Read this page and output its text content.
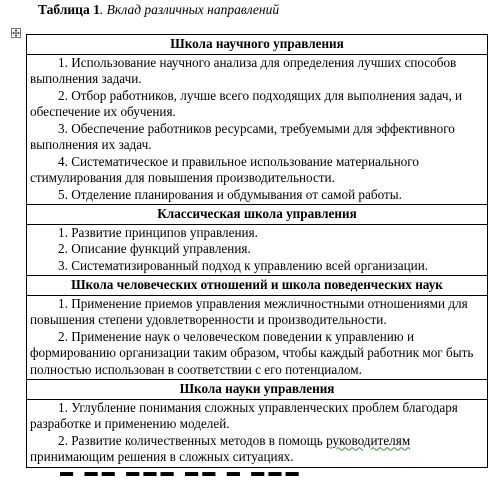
Таблица 1. Вклад различных направлений
Школа научного управления

1. Использование научного анализа для определения лучших способов выполнения задачи.

2. Отбор работников, лучше всего подходящих для выполнения задач, и обеспечение их обучения.

3. Обеспечение работников ресурсами, требуемыми для эффективного выполнения их задач.

4. Систематическое и правильное использование материального стимулирования для повышения производительности.

5. Отделение планирования и обдумывания от самой работы.

Классическая школа управления

1. Развитие принципов управления.

2. Описание функций управления.

3. Систематизированный подход к управлению всей организации.

Школа человеческих отношений и школа поведенческих наук

1. Применение приемов управления межличностными отношениями для повышения степени удовлетворенности и производительности.

2. Применение наук о человеческом поведении к управлению и формированию организации таким образом, чтобы каждый работник мог быть полностью использован в соответствии с его потенциалом.

Школа науки управления

1. Углубление понимания сложных управленческих проблем благодаря разработке и применению моделей.

2. Развитие количественных методов в помощь руководителям принимающим решения в сложных ситуациях.

▬ ▬▬ ▬▬▬ ▬▬ ▬ ▬▬▬
